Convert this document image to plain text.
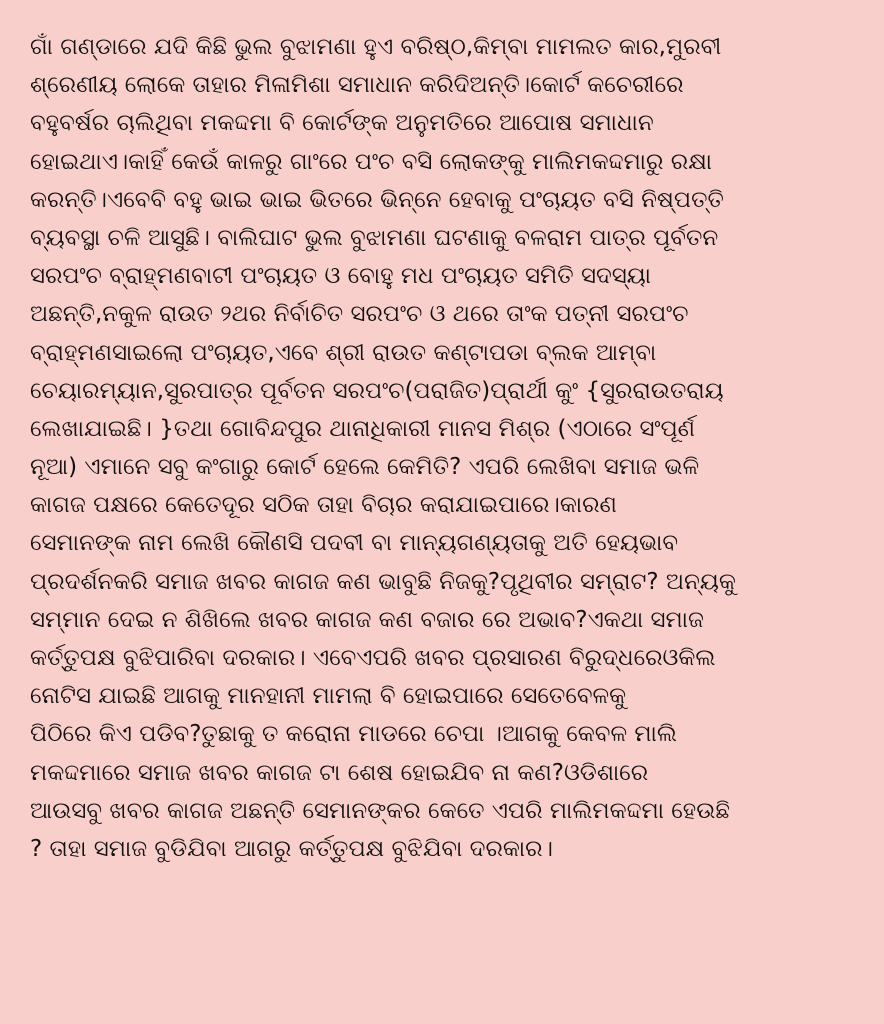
ଗାଁ ଗଣ୍ଡାରେ ଯଦି କିଛି ଭୁଲ ବୁଝାମଣା ହୁଏ ବରିଷ୍ଠ,କିମ୍ବା ମାମଲତ କାର,ମୁରବୀ
ଶ୍ରେଣୀୟ ଲୋକେ ତାହାର ମିଳାମିଶା ସମାଧାନ କରିଦିଅନ୍ତି।କୋର୍ଟ କଚେରୀରେ
ବହୁବର୍ଷର ଚାଲିଥିବା ମକଦ୍ଦମା ବି କୋର୍ଟଙ୍କ ଅନୁମତିରେ ଆପୋଷ ସମାଧାନ
ହୋଇଥାଏ।କାହିଁ କେଉଁ କାଳରୁ ଗାଂରେ ପଂଚ ବସି ଲୋକଙ୍କୁ ମାଲିମକଦ୍ଦମାରୁ ରକ୍ଷା
କରନ୍ତି।ଏବେବି ବହୁ ଭାଇ ଭାଇ ଭିତରେ ଭିନ୍ନେ ହେବାକୁ ପଂଚାୟତ ବସି ନିଷ୍ପତ୍ତି
ବ୍ୟବସ୍ଥା ଚଳି ଆସୁଛି। ବାଲିଘାଟ ଭୁଲ ବୁଝାମଣା ଘଟଣାକୁ ବଳରାମ ପାତ୍ର ପୂର୍ବତନ
ସରପଂଚ ବ୍ରାହ୍ମଣବାଟୀ ପଂଚାୟତ ଓ ବୋହୁ ମଧ ପଂଚାୟତ ସମିତି ସଦସ୍ୟା
ଅଛନ୍ତି,ନକୁଳ ରାଉତ ୨ଥର ନିର୍ବାଚିତ ସରପଂଚ ଓ ଥରେ ତାଂକ ପତ୍ନୀ ସରପଂଚ
ବ୍ରାହ୍ମଣସାଇଲୋ ପଂଚାୟତ,ଏବେ ଶ୍ରୀ ରାଉତ କଣ୍ଟାପଡା ବ୍ଲକ ଆମ୍ବା
ଚେୟାରମ୍ୟାନ,ସୁରପାତ୍ର ପୂର୍ବତନ ସରପଂଚ(ପରାଜିତ)ପ୍ରାର୍ଥୀ କୁଂ {ସୁରରାଉତରାୟ
ଲେଖାଯାଇଛି। }ତଥା ଗୋବିନ୍ଦପୁର ଥାନାଧିକାରୀ ମାନସ ମିଶ୍ର (ଏଠାରେ ସଂପୂର୍ଣ
ନୂଆ) ଏମାନେ ସବୁ କଂଗାରୁ କୋର୍ଟ ହେଲେ କେମିତି? ଏପରି ଲେଖିବା ସମାଜ ଭଳି
କାଗଜ ପକ୍ଷରେ କେତେଦୂର ସଠିକ ତାହା ବିଚାର କରାଯାଇପାରେ।କାରଣ
ସେମାନଙ୍କ ନାମ ଲେଖି କୌଣସି ପଦବୀ ବା ମାନ୍ୟଗଣ୍ୟତାକୁ ଅତି ହେୟଭାବ
ପ୍ରଦର୍ଶନକରି ସମାଜ ଖବର କାଗଜ କଣ ଭାବୁଛି ନିଜକୁ?ପୃଥିବୀର ସମ୍ରାଟ? ଅନ୍ୟକୁ
ସମ୍ମାନ ଦେଇ ନ ଶିଖିଲେ ଖବର କାଗଜ କଣ ବଜାର ରେ ଅଭାବ?ଏକଥା ସମାଜ
କର୍ତ୍ତୁପକ୍ଷ ବୁଝିପାରିବା ଦରକାର। ଏବେଏପରି ଖବର ପ୍ରସାରଣ ବିରୁଦ୍ଧରେଓକିଲ
ନୋଟିସ ଯାଇଛି ଆଗକୁ ମାନହାନୀ ମାମଲା ବି ହୋଇପାରେ ସେତେବେଳକୁ
ପିଠିରେ କିଏ ପଡିବ?ତୁଛାକୁ ତ କରୋନା ମାଡରେ ଚେପା ।ଆଗକୁ କେବଳ ମାଲି
ମକଦ୍ଦମାରେ ସମାଜ ଖବର କାଗଜ ଟା ଶେଷ ହୋଇଯିବ ନା କଣ?ଓଡିଶାରେ
ଆଉସବୁ ଖବର କାଗଜ ଅଛନ୍ତି ସେମାନଙ୍କର କେତେ ଏପରି ମାଲିମକଦ୍ଦମା ହେଉଛି
? ତାହା ସମାଜ ବୁଡିଯିବା ଆଗରୁ କର୍ତ୍ତୁପକ୍ଷ ବୁଝିଯିବା ଦରକାର।
